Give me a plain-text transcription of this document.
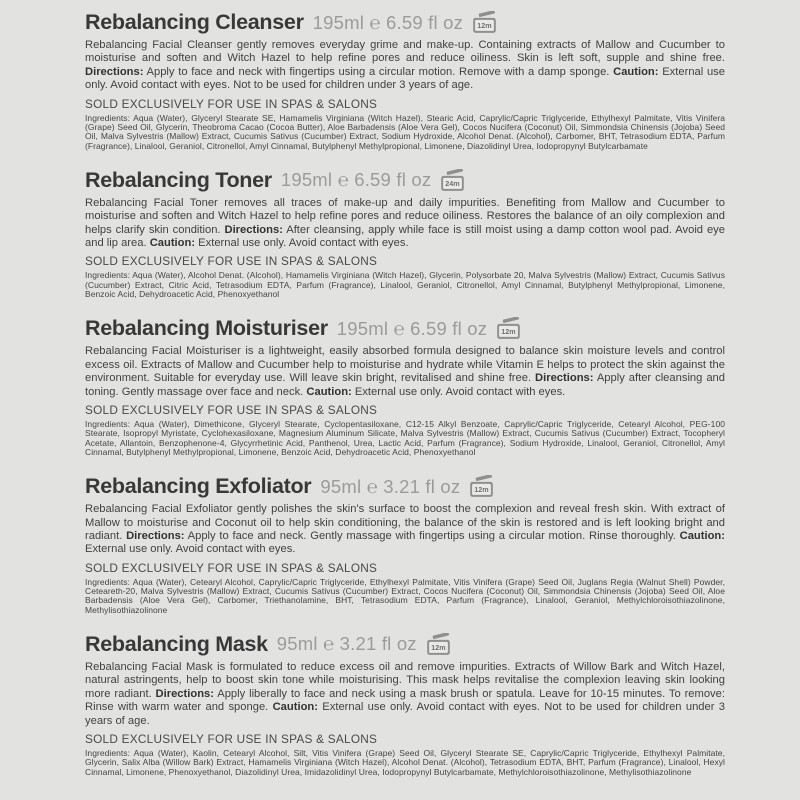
Rebalancing Cleanser 195ml ℮ 6.59 fl oz 12m

Rebalancing Facial Cleanser gently removes everyday grime and make-up. Containing extracts of Mallow and Cucumber to moisturise and soften and Witch Hazel to help refine pores and reduce oiliness. Skin is left soft, supple and shine free. Directions: Apply to face and neck with fingertips using a circular motion. Remove with a damp sponge. Caution: External use only. Avoid contact with eyes. Not to be used for children under 3 years of age.

SOLD EXCLUSIVELY FOR USE IN SPAS & SALONS

Ingredients: Aqua (Water), Glyceryl Stearate SE, Hamamelis Virginiana (Witch Hazel), Stearic Acid, Caprylic/Capric Triglyceride, Ethylhexyl Palmitate, Vitis Vinifera (Grape) Seed Oil, Glycerin, Theobroma Cacao (Cocoa Butter), Aloe Barbadensis (Aloe Vera Gel), Cocos Nucifera (Coconut) Oil, Simmondsia Chinensis (Jojoba) Seed Oil, Malva Sylvestris (Mallow) Extract, Cucumis Sativus (Cucumber) Extract, Sodium Hydroxide, Alcohol Denat. (Alcohol), Carbomer, BHT, Tetrasodium EDTA, Parfum (Fragrance), Linalool, Geraniol, Citronellol, Amyl Cinnamal, Butylphenyl Methylpropional, Limonene, Diazolidinyl Urea, Iodopropynyl Butylcarbamate

Rebalancing Toner 195ml ℮ 6.59 fl oz 24m

Rebalancing Facial Toner removes all traces of make-up and daily impurities. Benefiting from Mallow and Cucumber to moisturise and soften and Witch Hazel to help refine pores and reduce oiliness. Restores the balance of an oily complexion and helps clarify skin condition. Directions: After cleansing, apply while face is still moist using a damp cotton wool pad. Avoid eye and lip area. Caution: External use only. Avoid contact with eyes.

SOLD EXCLUSIVELY FOR USE IN SPAS & SALONS

Ingredients: Aqua (Water), Alcohol Denat. (Alcohol), Hamamelis Virginiana (Witch Hazel), Glycerin, Polysorbate 20, Malva Sylvestris (Mallow) Extract, Cucumis Sativus (Cucumber) Extract, Citric Acid, Tetrasodium EDTA, Parfum (Fragrance), Linalool, Geraniol, Citronellol, Amyl Cinnamal, Butylphenyl Methylpropional, Limonene, Benzoic Acid, Dehydroacetic Acid, Phenoxyethanol

Rebalancing Moisturiser 195ml ℮ 6.59 fl oz 12m

Rebalancing Facial Moisturiser is a lightweight, easily absorbed formula designed to balance skin moisture levels and control excess oil. Extracts of Mallow and Cucumber help to moisturise and hydrate while Vitamin E helps to protect the skin against the environment. Suitable for everyday use. Will leave skin bright, revitalised and shine free. Directions: Apply after cleansing and toning. Gently massage over face and neck. Caution: External use only. Avoid contact with eyes.

SOLD EXCLUSIVELY FOR USE IN SPAS & SALONS

Ingredients: Aqua (Water), Dimethicone, Glyceryl Stearate, Cyclopentasiloxane, C12-15 Alkyl Benzoate, Caprylic/Capric Triglyceride, Cetearyl Alcohol, PEG-100 Stearate, Isopropyl Myristate, Cyclohexasiloxane, Magnesium Aluminum Silicate, Malva Sylvestris (Mallow) Extract, Cucumis Sativus (Cucumber) Extract, Tocopheryl Acetate, Allantoin, Benzophenone-4, Glycyrrhetinic Acid, Panthenol, Urea, Lactic Acid, Parfum (Fragrance), Sodium Hydroxide, Linalool, Geraniol, Citronellol, Amyl Cinnamal, Butylphenyl Methylpropional, Limonene, Benzoic Acid, Dehydroacetic Acid, Phenoxyethanol

Rebalancing Exfoliator 95ml ℮ 3.21 fl oz 12m

Rebalancing Facial Exfoliator gently polishes the skin's surface to boost the complexion and reveal fresh skin. With extract of Mallow to moisturise and Coconut oil to help skin conditioning, the balance of the skin is restored and is left looking bright and radiant. Directions: Apply to face and neck. Gently massage with fingertips using a circular motion. Rinse thoroughly. Caution: External use only. Avoid contact with eyes.

SOLD EXCLUSIVELY FOR USE IN SPAS & SALONS

Ingredients: Aqua (Water), Cetearyl Alcohol, Caprylic/Capric Triglyceride, Ethylhexyl Palmitate, Vitis Vinifera (Grape) Seed Oil, Juglans Regia (Walnut Shell) Powder, Ceteareth-20, Malva Sylvestris (Mallow) Extract, Cucumis Sativus (Cucumber) Extract, Cocos Nucifera (Coconut) Oil, Simmondsia Chinensis (Jojoba) Seed Oil, Aloe Barbadensis (Aloe Vera Gel), Carbomer, Triethanolamine, BHT, Tetrasodium EDTA, Parfum (Fragrance), Linalool, Geraniol, Methylchloroisothiazolinone, Methylisothiazolinone

Rebalancing Mask 95ml ℮ 3.21 fl oz 12m

Rebalancing Facial Mask is formulated to reduce excess oil and remove impurities. Extracts of Willow Bark and Witch Hazel, natural astringents, help to boost skin tone while moisturising. This mask helps revitalise the complexion leaving skin looking more radiant. Directions: Apply liberally to face and neck using a mask brush or spatula. Leave for 10-15 minutes. To remove: Rinse with warm water and sponge. Caution: External use only. Avoid contact with eyes. Not to be used for children under 3 years of age.

SOLD EXCLUSIVELY FOR USE IN SPAS & SALONS

Ingredients: Aqua (Water), Kaolin, Cetearyl Alcohol, Silt, Vitis Vinifera (Grape) Seed Oil, Glyceryl Stearate SE, Caprylic/Capric Triglyceride, Ethylhexyl Palmitate, Glycerin, Salix Alba (Willow Bark) Extract, Hamamelis Virginiana (Witch Hazel), Alcohol Denat. (Alcohol), Tetrasodium EDTA, BHT, Parfum (Fragrance), Linalool, Hexyl Cinnamal, Limonene, Phenoxyethanol, Diazolidinyl Urea, Imidazolidinyl Urea, Iodopropynyl Butylcarbamate, Methylchloroisothiazolinone, Methylisothiazolinone
